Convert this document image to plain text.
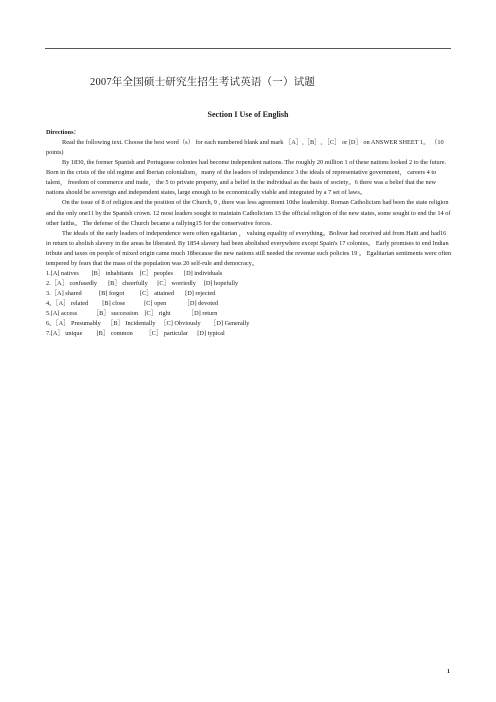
2007年全国硕士研究生招生考试英语（一）试题
Section I Use of English

Directions：

Read the following text. Choose the best word（s） for each numbered blank and mark ［A］,［B］, ［C］ or [D］ on ANSWER SHEET 1。 （10 points)

By 1830, the former Spanish and Portuguese colonies had become independent nations. The roughly 20 million 1 of these nations looked 2 to the future. Born in the crisis of the old regime and Iberian colonialism，many of the leaders of independence 3 the ideals of representative government， careers 4 to talent， freedom of commerce and trade， the 5 to private property, and a belief in the individual as the basis of society。6 there was a belief that the new nations should be sovereign and independent states, large enough to be economically viable and integrated by a 7 set of laws。

On the issue of 8 of religion and the position of the Church, 9 , there was less agreement 10the leadership. Roman Catholicism had been the state religion and the only one11 by the Spanish crown. 12 most leaders sought to maintain Catholicism 13 the official religion of the new states, some sought to end the 14 of other faiths。 The defense of the Church became a rallying15 for the conservative forces.

The ideals of the early leaders of independence were often egalitarian ， valuing equality of everything。Bolivar had received aid from Haiti and had16 in return to abolish slavery in the areas he liberated. By 1854 slavery had been abolished everywhere except Spain's 17 colonies。 Early promises to end Indian tribute and taxes on people of mixed origin came much 18because the new nations still needed the revenue such policies 19 。 Egalitarian sentiments were often tempered by fears that the mass of the population was 20 self-rule and democracy。

1.[A] natives        [B］ inhabitants    [C］ peoples       [D] individuals

2.［A］ confusedly       [B］ cheerfully      [C］ worriedly     [D] hopefully

3.［A] shared           [B] forgot          [C］ attained       [D] rejected

4。［A］ related         [B] close            [C] open           ［D] devoted

5.[A] access          ［B］ succession    [C］ right           ［D] return

6。［A］ Presumably    ［B］ Incidentally   ［C] Obviously      ［D] Generally

7.[A］ unique         [B］ common        ［C］ particular      [D] typical

1
